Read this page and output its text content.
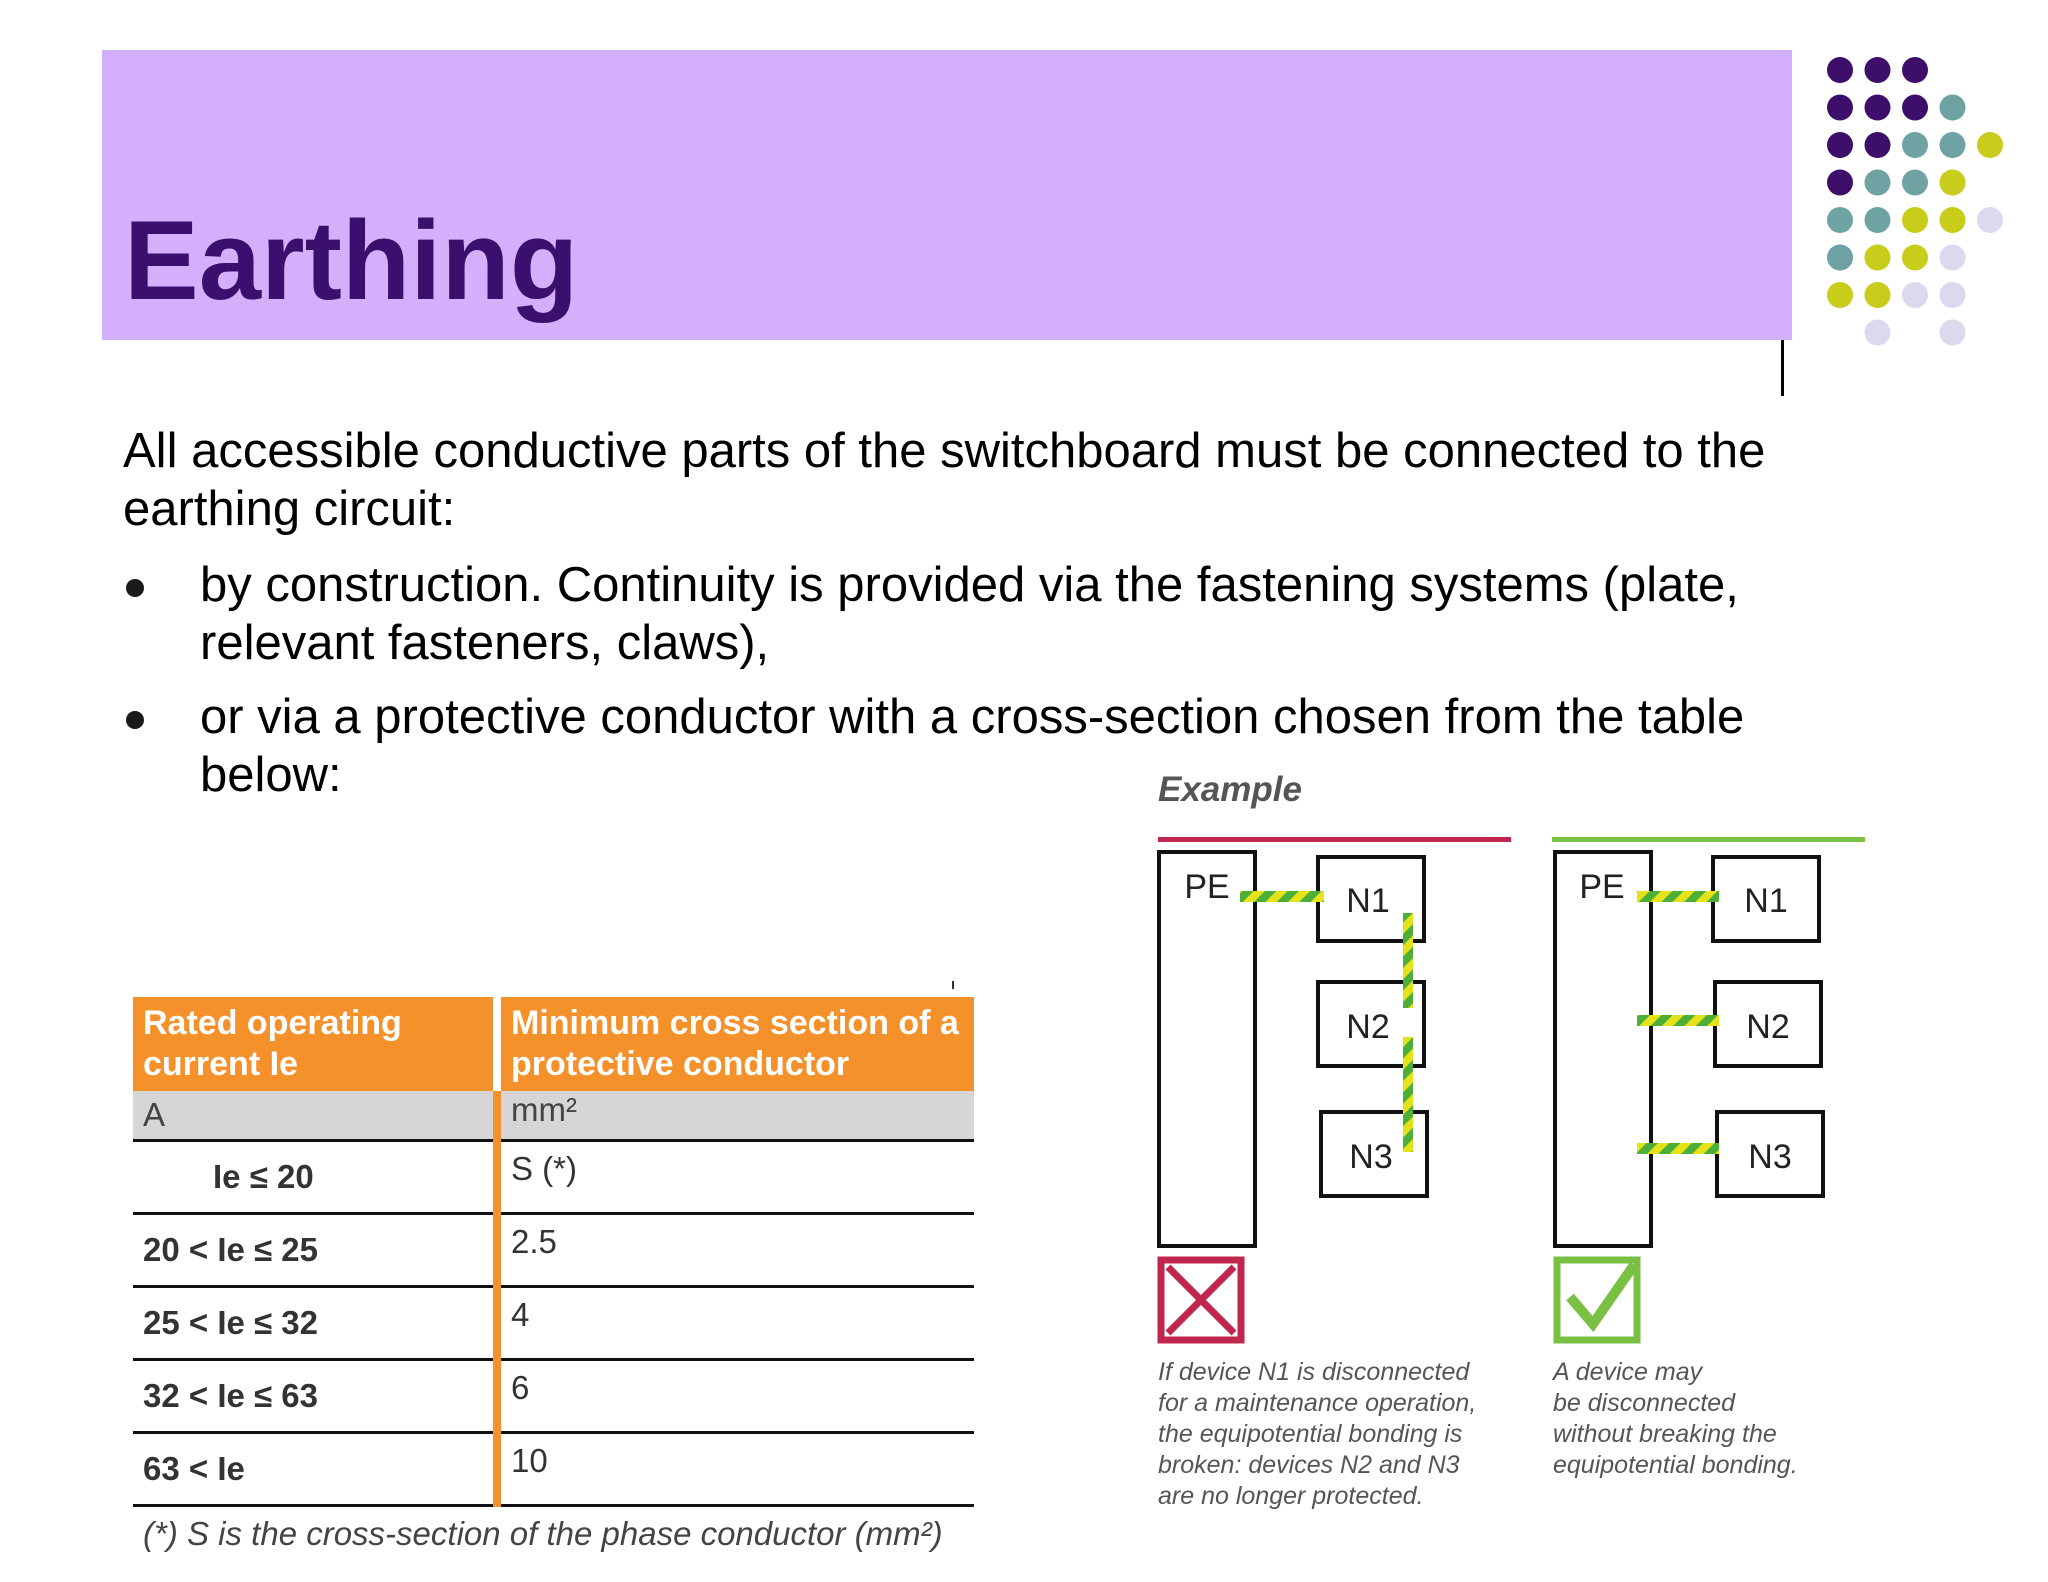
Earthing

All accessible conductive parts of the switchboard must be connected to the earthing circuit:

by construction. Continuity is provided via the fastening systems (plate, relevant fasteners, claws),
or via a protective conductor with a cross-section chosen from the table below:
Rated operating current Ie	Minimum cross section of a protective conductor
A	mm²
Ie ≤ 20	S (*)
20 < Ie ≤ 25	2.5
25 < Ie ≤ 32	4
32 < Ie ≤ 63	6
63 < Ie	10
(*) S is the cross-section of the phase conductor (mm²)
Example
PE	N1
N2
N3
PE	N1
N2
N3
If device N1 is disconnected
for a maintenance operation,
the equipotential bonding is
broken: devices N2 and N3
are no longer protected.
A device may
be disconnected
without breaking the
equipotential bonding.
